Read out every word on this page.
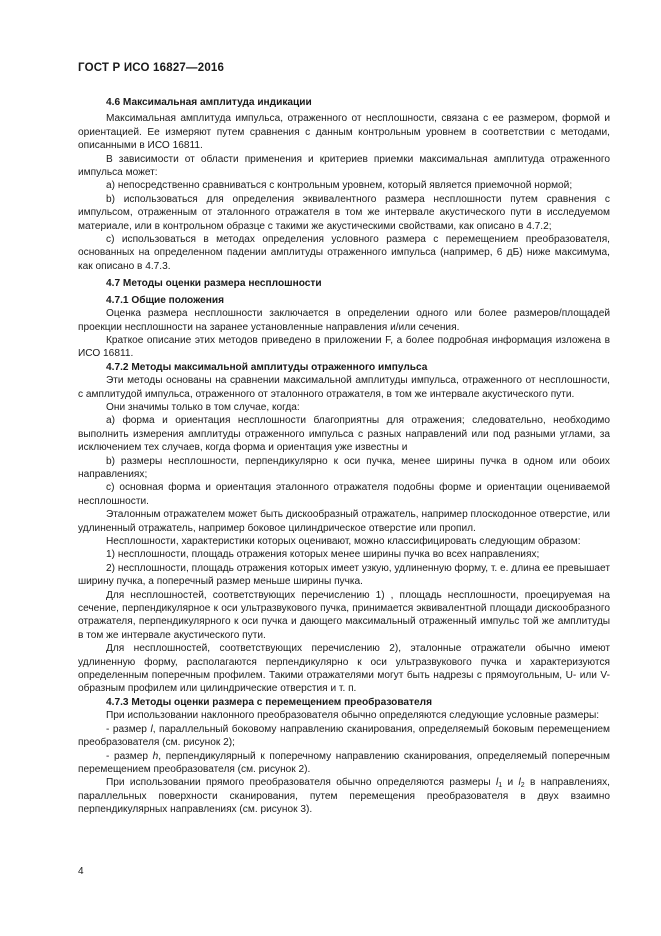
ГОСТ Р ИСО 16827—2016
4.6 Максимальная амплитуда индикации

Максимальная амплитуда импульса, отраженного от несплошности, связана с ее размером, формой и ориентацией. Ее измеряют путем сравнения с данным контрольным уровнем в соответствии с методами, описанными в ИСО 16811.

В зависимости от области применения и критериев приемки максимальная амплитуда отраженного импульса может:

a) непосредственно сравниваться с контрольным уровнем, который является приемочной нормой;

b) использоваться для определения эквивалентного размера несплошности путем сравнения с импульсом, отраженным от эталонного отражателя в том же интервале акустического пути в исследуемом материале, или в контрольном образце с такими же акустическими свойствами, как описано в 4.7.2;

c) использоваться в методах определения условного размера с перемещением преобразователя, основанных на определенном падении амплитуды отраженного импульса (например, 6 дБ) ниже максимума, как описано в 4.7.3.

4.7 Методы оценки размера несплошности
4.7.1 Общие положения

Оценка размера несплошности заключается в определении одного или более размеров/площадей проекции несплошности на заранее установленные направления и/или сечения.

Краткое описание этих методов приведено в приложении F, а более подробная информация изложена в ИСО 16811.

4.7.2 Методы максимальной амплитуды отраженного импульса

Эти методы основаны на сравнении максимальной амплитуды импульса, отраженного от несплошности, с амплитудой импульса, отраженного от эталонного отражателя, в том же интервале акустического пути.

Они значимы только в том случае, когда:

a) форма и ориентация несплошности благоприятны для отражения; следовательно, необходимо выполнить измерения амплитуды отраженного импульса с разных направлений или под разными углами, за исключением тех случаев, когда форма и ориентация уже известны и

b) размеры несплошности, перпендикулярно к оси пучка, менее ширины пучка в одном или обоих направлениях;

c) основная форма и ориентация эталонного отражателя подобны форме и ориентации оцениваемой несплошности.

Эталонным отражателем может быть дискообразный отражатель, например плоскодонное отверстие, или удлиненный отражатель, например боковое цилиндрическое отверстие или пропил.

Несплошности, характеристики которых оценивают, можно классифицировать следующим образом:

1) несплошности, площадь отражения которых менее ширины пучка во всех направлениях;

2) несплошности, площадь отражения которых имеет узкую, удлиненную форму, т. е. длина ее превышает ширину пучка, а поперечный размер меньше ширины пучка.

Для несплошностей, соответствующих перечислению 1) , площадь несплошности, проецируемая на сечение, перпендикулярное к оси ультразвукового пучка, принимается эквивалентной площади дискообразного отражателя, перпендикулярного к оси пучка и дающего максимальный отраженный импульс той же амплитуды в том же интервале акустического пути.

Для несплошностей, соответствующих перечислению 2), эталонные отражатели обычно имеют удлиненную форму, располагаются перпендикулярно к оси ультразвукового пучка и характеризуются определенным поперечным профилем. Такими отражателями могут быть надрезы с прямоугольным, U- или V-образным профилем или цилиндрические отверстия и т. п.

4.7.3 Методы оценки размера с перемещением преобразователя

При использовании наклонного преобразователя обычно определяются следующие условные размеры:

- размер l, параллельный боковому направлению сканирования, определяемый боковым перемещением преобразователя (см. рисунок 2);

- размер h, перпендикулярный к поперечному направлению сканирования, определяемый поперечным перемещением преобразователя (см. рисунок 2).

При использовании прямого преобразователя обычно определяются размеры $l_1$ и $l_2$ в направлениях, параллельных поверхности сканирования, путем перемещения преобразователя в двух взаимно перпендикулярных направлениях (см. рисунок 3).

4
